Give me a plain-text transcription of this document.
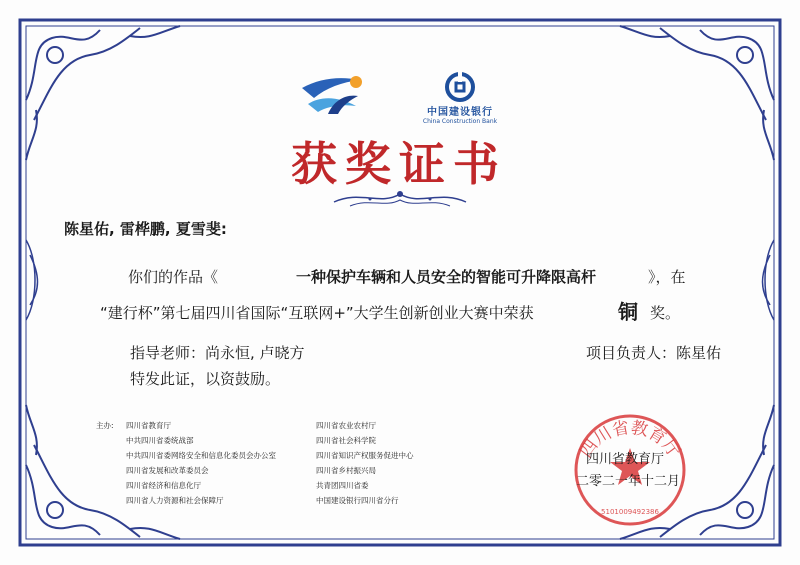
中国建设银行
China Construction Bank
获奖证书
陈星佑, 雷桦鹏, 夏雪斐:
你们的作品《	一种保护车辆和人员安全的智能可升降限高杆	》，在
“建行杯”第七届四川省国际“互联网+”大学生创新创业大赛中荣获	铜 奖。
指导老师：尚永恒, 卢晓方	项目负责人：陈星佑
特发此证，以资鼓励。
主办: 四川省教育厅
中共四川省委统战部
中共四川省委网络安全和信息化委员会办公室
四川省发展和改革委员会
四川省经济和信息化厅
四川省人力资源和社会保障厅
四川省农业农村厅
四川省社会科学院
四川省知识产权服务促进中心
四川省乡村振兴局
共青团四川省委
中国建设银行四川省分行
四川省教育厅
5101009492386
四川省教育厅
二零二一年十二月
